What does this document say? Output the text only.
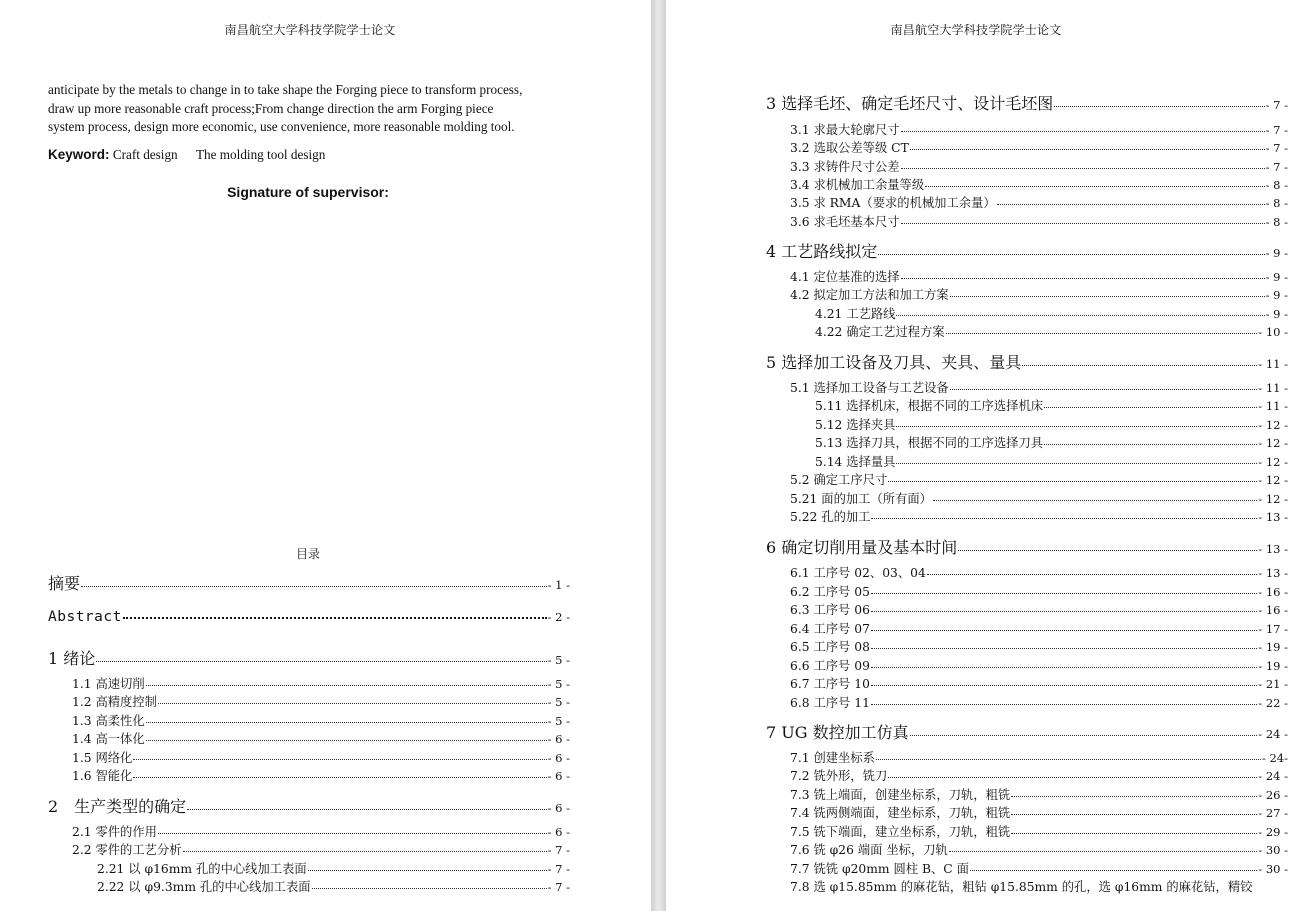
南昌航空大学科技学院学士论文
anticipate by the metals to change in to take shape the Forging piece to transform process,
draw up more reasonable craft process;From change direction the arm Forging piece
system process, design more economic, use convenience, more reasonable molding tool.
Keyword: Craft design The molding tool design
Signature of supervisor:
目录
摘要	- 1 -
Abstract	- 2 -
1 绪论	- 5 -
1.1 高速切削	- 5 -
1.2 高精度控制	- 5 -
1.3 高柔性化	- 5 -
1.4 高一体化	- 6 -
1.5 网络化	- 6 -
1.6 智能化	- 6 -
2　生产类型的确定	- 6 -
2.1 零件的作用	- 6 -
2.2 零件的工艺分析	- 7 -
2.21 以 φ16mm 孔的中心线加工表面	- 7 -
2.22 以 φ9.3mm 孔的中心线加工表面	- 7 -
南昌航空大学科技学院学士论文
3 选择毛坯、确定毛坯尺寸、设计毛坯图	- 7 -
3.1 求最大轮廓尺寸	- 7 -
3.2 选取公差等级 CT	- 7 -
3.3 求铸件尺寸公差	- 7 -
3.4 求机械加工余量等级	- 8 -
3.5 求 RMA（要求的机械加工余量）	- 8 -
3.6 求毛坯基本尺寸	- 8 -
4 工艺路线拟定	- 9 -
4.1 定位基准的选择	- 9 -
4.2 拟定加工方法和加工方案	- 9 -
4.21 工艺路线	- 9 -
4.22 确定工艺过程方案	- 10 -
5 选择加工设备及刀具、夹具、量具	- 11 -
5.1 选择加工设备与工艺设备	- 11 -
5.11 选择机床，根据不同的工序选择机床	- 11 -
5.12 选择夹具	- 12 -
5.13 选择刀具，根据不同的工序选择刀具	- 12 -
5.14 选择量具	- 12 -
5.2 确定工序尺寸	- 12 -
5.21 面的加工（所有面）	- 12 -
5.22 孔的加工	- 13 -
6 确定切削用量及基本时间	- 13 -
6.1 工序号 02、03、04	- 13 -
6.2 工序号 05	- 16 -
6.3 工序号 06	- 16 -
6.4 工序号 07	- 17 -
6.5 工序号 08	- 19 -
6.6 工序号 09	- 19 -
6.7 工序号 10	- 21 -
6.8 工序号 11	- 22 -
7 UG 数控加工仿真	- 24 -
7.1 创建坐标系	- 24-
7.2 铣外形，铣刀	- 24 -
7.3 铣上端面，创建坐标系，刀轨，粗铣	- 26 -
7.4 铣两侧端面，建坐标系，刀轨，粗铣	- 27 -
7.5 铣下端面，建立坐标系，刀轨，粗铣	- 29 -
7.6 铣 φ26 端面 坐标，刀轨	- 30 -
7.7 铣铣 φ20mm 圆柱 B、C 面	- 30 -
7.8 选 φ15.85mm 的麻花钻，粗钻 φ15.85mm 的孔，选 φ16mm 的麻花钻，精铰
